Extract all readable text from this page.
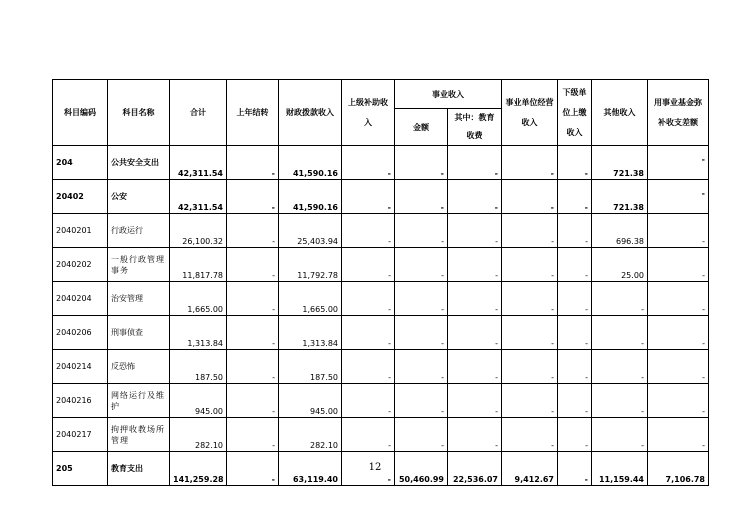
科目编码	科目名称	合计	上年结转	财政拨款收入	上级补助收入	事业收入		事业单位经营收入	下级单位上缴收入	其他收入	用事业基金弥补收支差额
						金额	其中：教育收费				
204	公共安全支出	42,311.54	-	41,590.16	-	-	-	-	-	721.38	-
20402	公安	42,311.54	-	41,590.16	-	-	-	-	-	721.38	-
2040201	行政运行	26,100.32	-	25,403.94	-	-	-	-	-	696.38	-
2040202	一般行政管理事务	11,817.78	-	11,792.78	-	-	-	-	-	25.00	-
2040204	治安管理	1,665.00	-	1,665.00	-	-	-	-	-	-	-
2040206	刑事侦查	1,313.84	-	1,313.84	-	-	-	-	-	-	-
2040214	反恐怖	187.50	-	187.50	-	-	-	-	-	-	-
2040216	网络运行及维护	945.00	-	945.00	-	-	-	-	-	-	-
2040217	拘押收教场所管理	282.10	-	282.10	-	-	-	-	-	-	-
205	教育支出	141,259.28	-	63,119.40	-	50,460.99	22,536.07	9,412.67	-	11,159.44	7,106.78
12
